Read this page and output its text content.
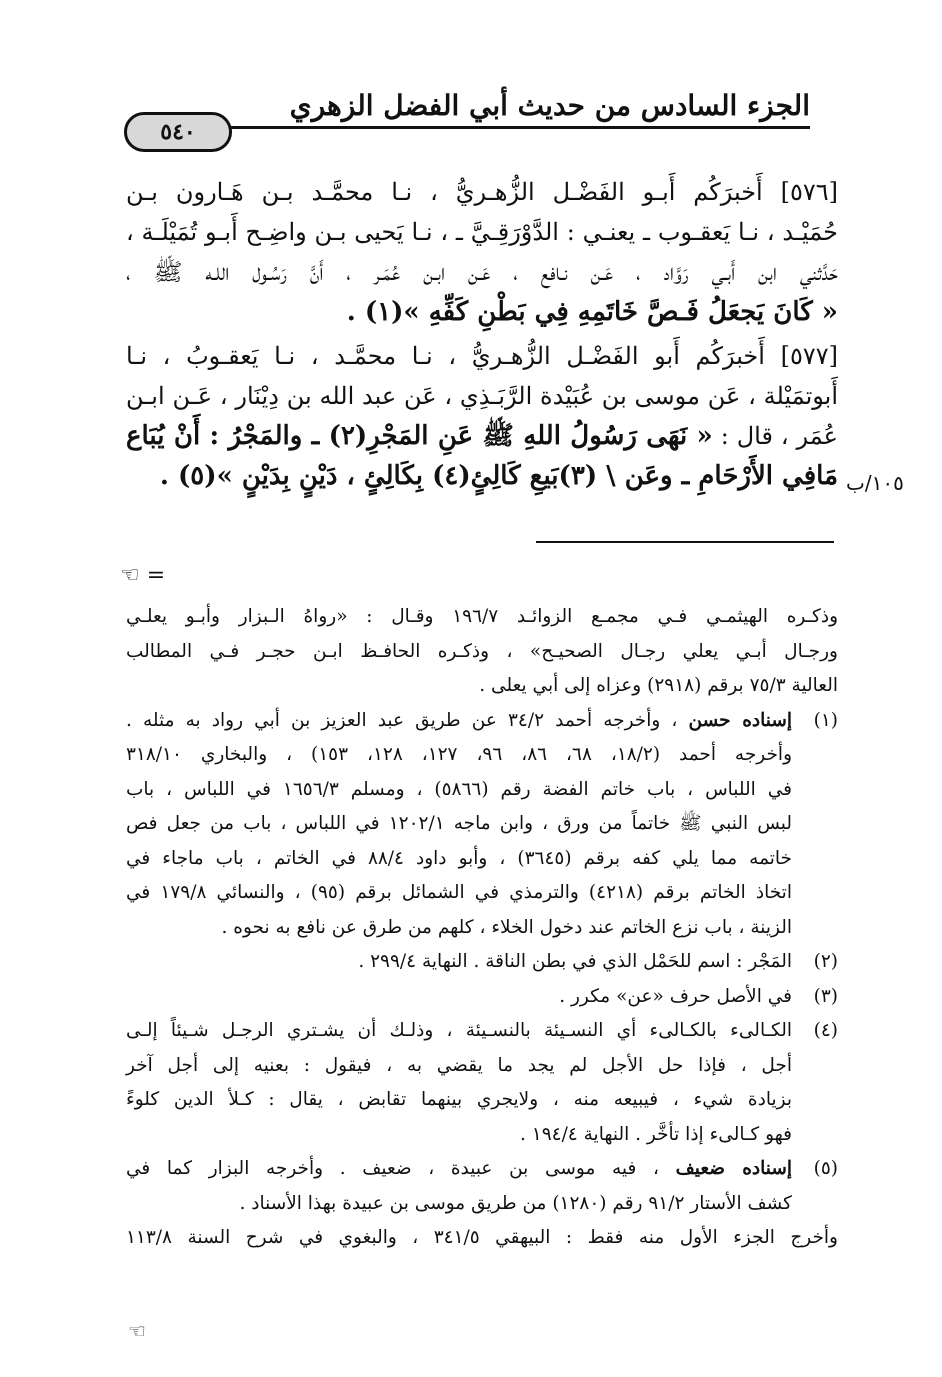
الجزء السادس من حديث أبي الفضل الزهري
٥٤٠
[٥٧٦] أَخبرَكُم أَبـو الفَضْـل الزُّهـريُّ ، نـا محمَّـد بـن هَـارون بـن
حُمَيْـد ، نـا يَعقـوب ـ يعنـي : الدَّوْرَقِـيَّ ـ ، نـا يَحيى بـن واضِـح أَبـو تُمَيْلَـة ،
حَدَّثني ابن أَبـي رَوَّاد ، عَـن نـافع ، عَـن ابـن عُمَـر ، أَنَّ رَسُـول اللـه ﷺ ،
« كَانَ يَجعَلُ فَـصَّ خَاتَمِهِ فِي بَطْنِ كَفِّهِ »(١) .
[٥٧٧] أَخبرَكُم أَبو الفَضْـل الزُّهـريُّ ، نـا محمَّـد ، نـا يَعقـوبُ ، نـا
أَبوتمَيْلة ، عَن موسى بن عُبَيْدة الرَّبَـذِي ، عَن عبد الله بن دِيْنَار ، عَـن ابـن
عُمَر ، قال : « نَهَى رَسُولُ اللهِ ﷺ عَنِ المَجْرِ(٢) ـ والمَجْرُ : أَنْ يُبَاع
مَافِي الأَرْحَامِ ـ وعَن \ (٣)بَيعِ كَالِئٍ(٤) بِكَالِئٍ ، دَيْنٍ بِدَيْنٍ »(٥) . ١٠٥/ب
= ☜
وذكـره الهيثمـي فـي مجمـع الزوائـد ١٩٦/٧ وقـال : «رواهُ الـبزار وأبـو يعلـي
ورجـال أبـي يعلي رجـال الصحيـح» ، وذكـره الحافـظ ابـن حجـر فـي المطالب
العالية ٧٥/٣ برقم (٢٩١٨) وعزاه إلى أبي يعلى .
(١)إسناده حسن ، وأخرجه أحمد ٣٤/٢ عن طريق عبد العزيز بن أبي رواد به مثله .
وأخرجه أحمد (١٨/٢، ٦٨، ٨٦، ٩٦، ١٢٧، ١٢٨، ١٥٣) ، والبخاري ٣١٨/١٠
في اللباس ، باب خاتم الفضة رقم (٥٨٦٦) ، ومسلم ١٦٥٦/٣ في اللباس ، باب
لبس النبي ﷺ خاتماً من ورق ، وابن ماجه ١٢٠٢/١ في اللباس ، باب من جعل فص
خاتمه مما يلي كفه برقم (٣٦٤٥) ، وأبو داود ٨٨/٤ في الخاتم ، باب ماجاء في
اتخاذ الخاتم برقم (٤٢١٨) والترمذي في الشمائل برقم (٩٥) ، والنسائي ١٧٩/٨ في
الزينة ، باب نزع الخاتم عند دخول الخلاء ، كلهم من طرق عن نافع به نحوه .
(٢)المَجْر : اسم للحَمْل الذي في بطن الناقة . النهاية ٢٩٩/٤ .
(٣)في الأصل حرف «عن» مكرر .
(٤)الكـالىء بالكـالىء أي النسـيئة بالنسـيئة ، وذلـك أن يشـتري الرجـل شـيئاً إلـى
أجل ، فإذا حل الأجل لم يجد ما يقضي به ، فيقول : بعنيه إلى أجل آخر
بزيادة شيء ، فيبيعه منه ، ولايجري بينهما تقابض ، يقال : كـلأ الدين كلوءً
فهو كـالىء إذا تأخَّر . النهاية ١٩٤/٤ .
(٥)إسناده ضعيف ، فيه موسى بن عبيدة ، ضعيف . وأخرجه البزار كما في
كشف الأستار ٩١/٢ رقم (١٢٨٠) من طريق موسى بن عبيدة بهذا الأسناد .
وأخرج الجزء الأول منه فقط : البيهقي ٣٤١/٥ ، والبغوي في شرح السنة ١١٣/٨
☜
